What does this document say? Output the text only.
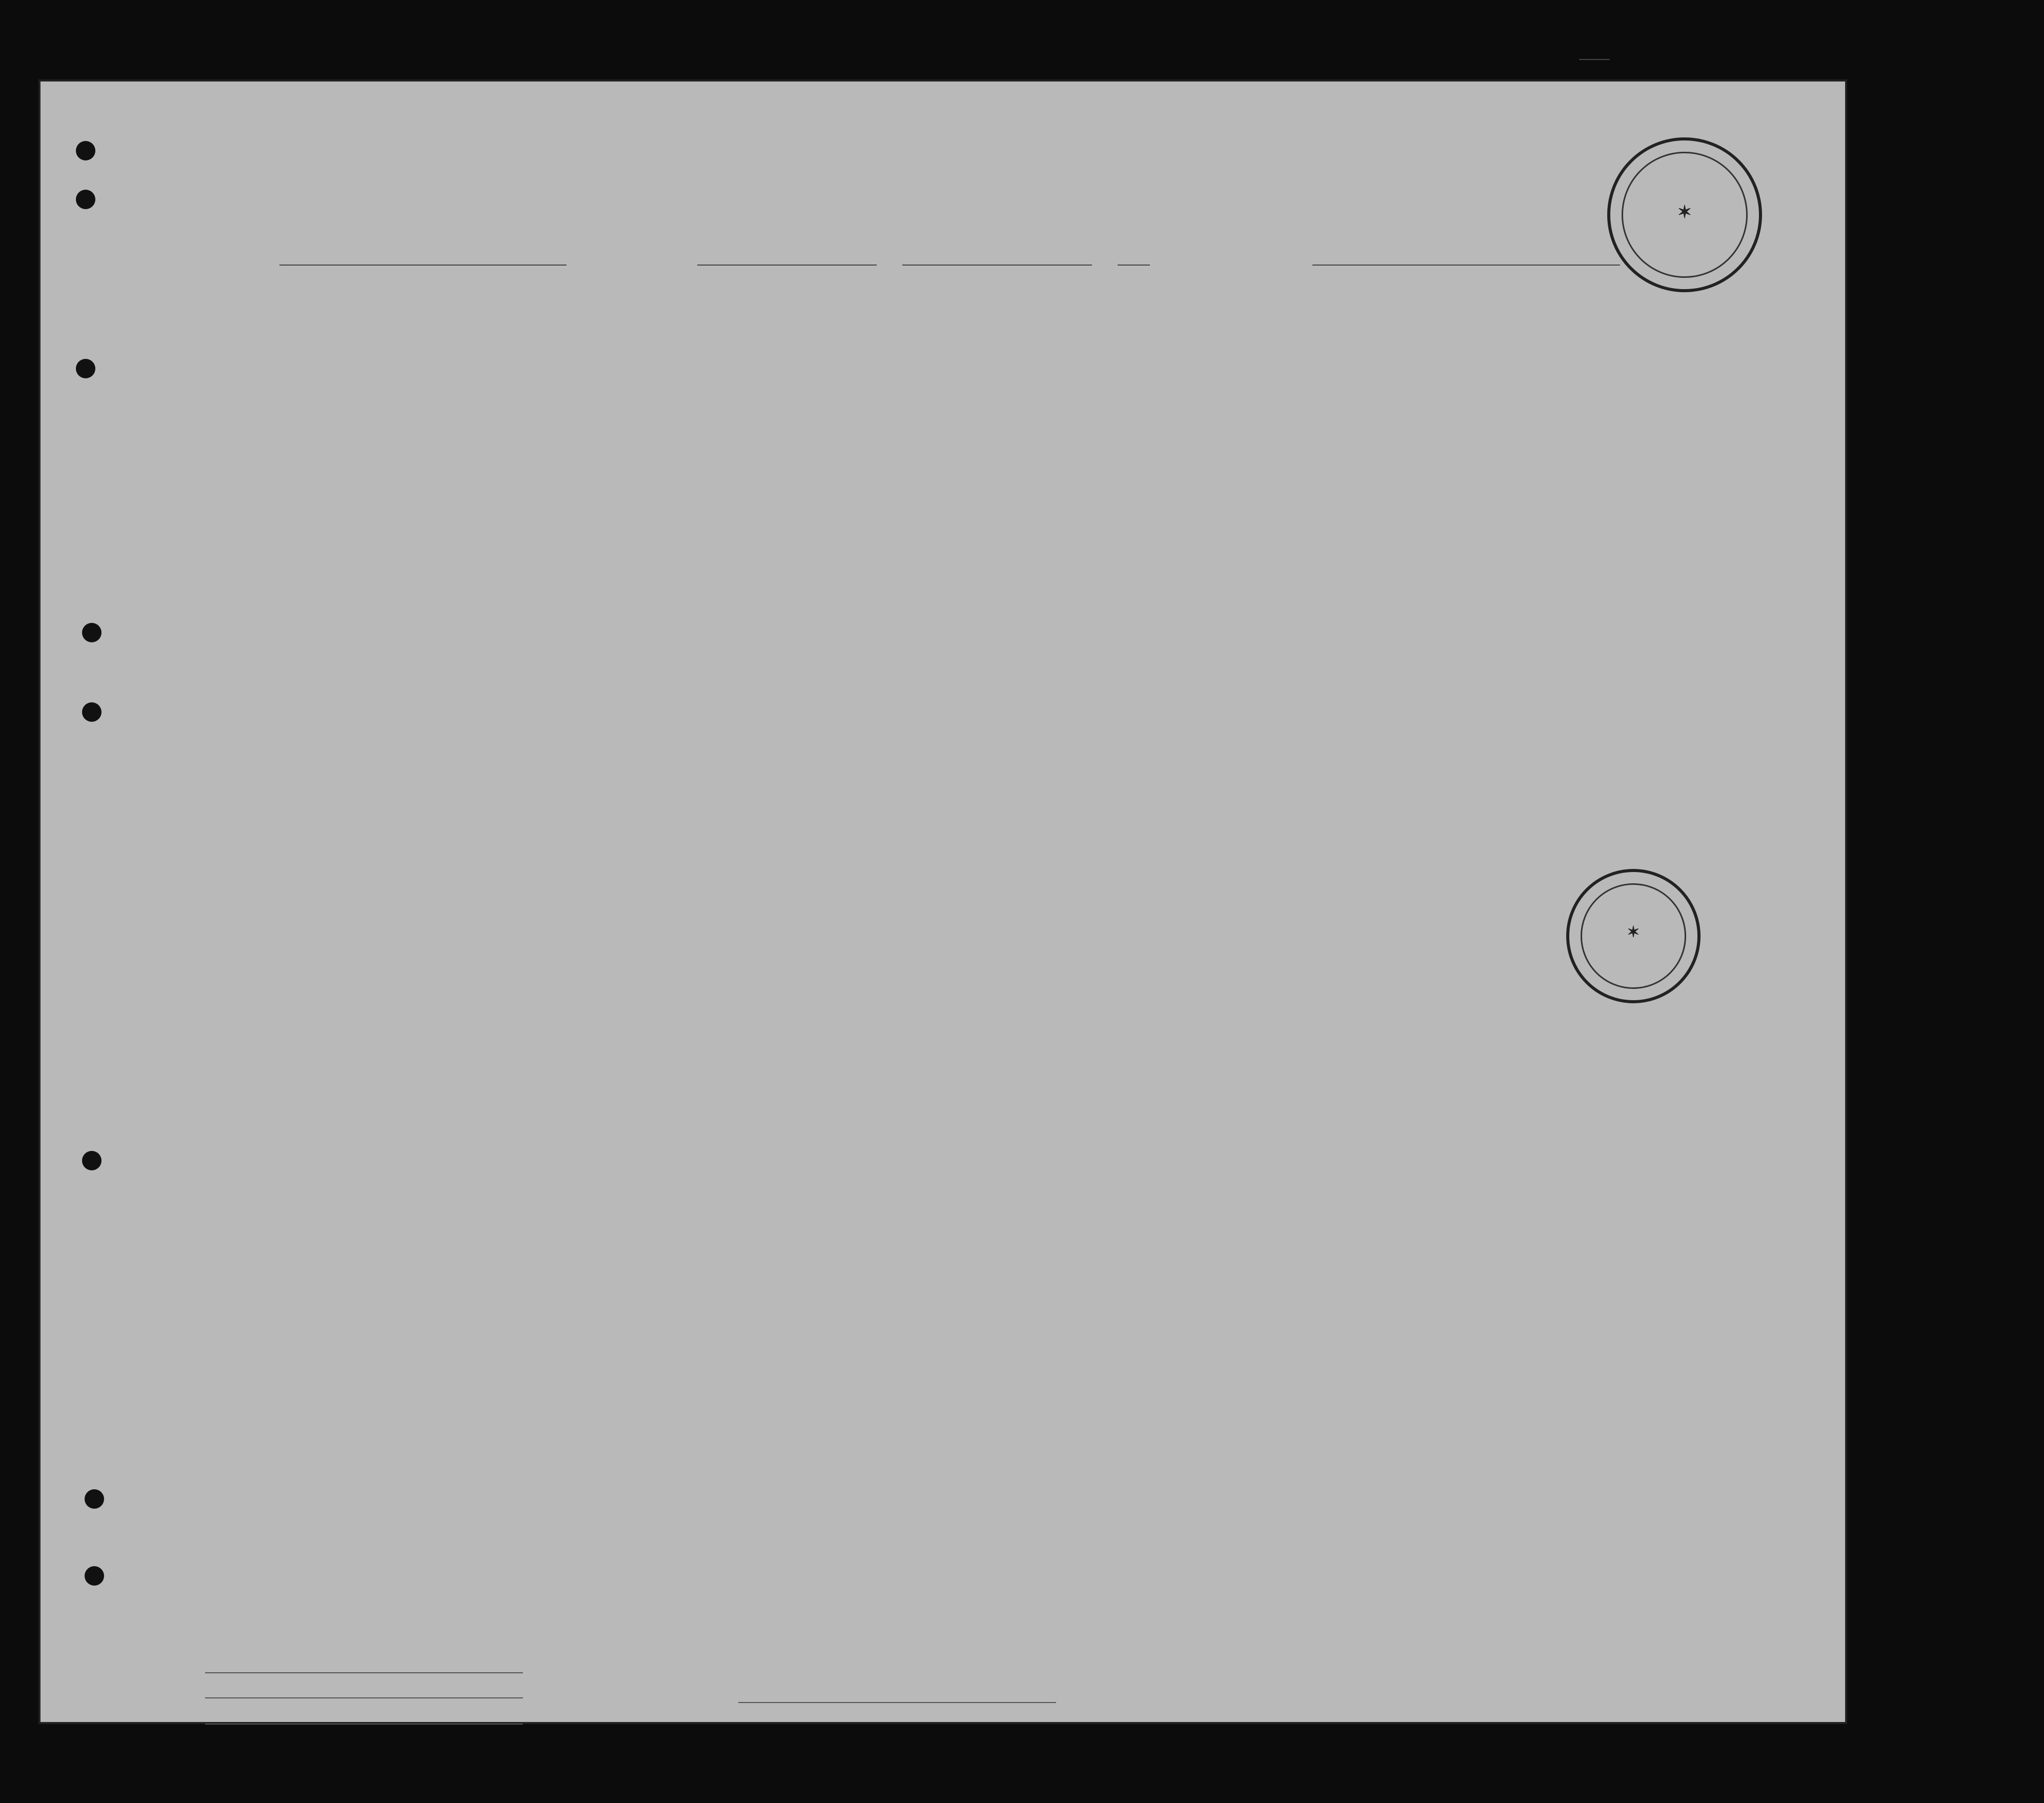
✶
✶
